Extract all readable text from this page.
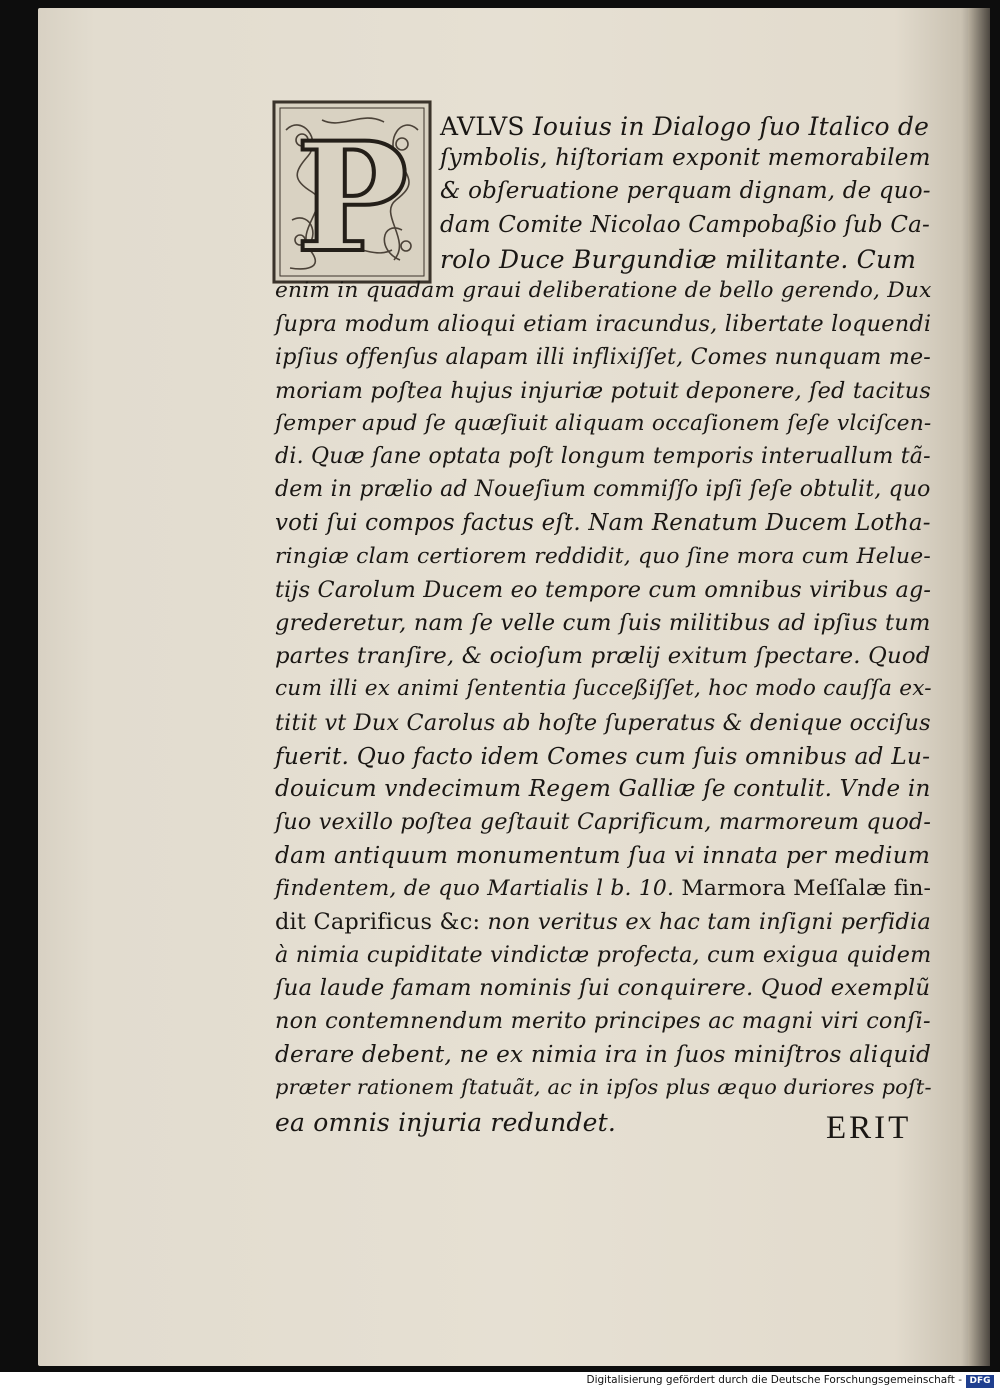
P AVLVS Iouius in Dialogo ſuo Italico de
ſymbolis, hiſtoriam exponit memorabilem
& obſeruatione perquam dignam, de quo-
dam Comite Nicolao Campobaßio ſub Ca-
rolo Duce Burgundiæ militante. Cum
enim in quadam graui deliberatione de bello gerendo, Dux
ſupra modum alioqui etiam iracundus, libertate loquendi
ipſius offenſus alapam illi inflixiſſet, Comes nunquam me-
moriam poſtea hujus injuriæ potuit deponere, ſed tacitus
ſemper apud ſe quæſiuit aliquam occaſionem ſeſe vlciſcen-
di. Quæ ſane optata poſt longum temporis interuallum tã-
dem in prælio ad Noueſium commiſſo ipſi ſeſe obtulit, quo
voti ſui compos factus eſt. Nam Renatum Ducem Lotha-
ringiæ clam certiorem reddidit, quo ſine mora cum Heluе-
tijs Carolum Ducem eo tempore cum omnibus viribus ag-
grederetur, nam ſe velle cum ſuis militibus ad ipſius tum
partes tranſire, & ocioſum prælij exitum ſpectare. Quod
cum illi ex animi ſententia ſucceßiſſet, hoc modo cauſſa ex-
titit vt Dux Carolus ab hoſte ſuperatus & denique occiſus
fuerit. Quo facto idem Comes cum ſuis omnibus ad Lu-
douicum vndecimum Regem Galliæ ſe contulit. Vnde in
ſuo vexillo poſtea geſtauit Caprificum, marmoreum quod-
dam antiquum monumentum ſua vi innata per medium
findentem, de quo Martialis l b. 10. Marmora Meſſalæ fin-
dit Caprificus &c: non veritus ex hac tam inſigni perfidia
à nimia cupiditate vindictæ profecta, cum exigua quidem
ſua laude famam nominis ſui conquirere. Quod exemplũ
non contemnendum merito principes ac magni viri conſi-
derare debent, ne ex nimia ira in ſuos miniſtros aliquid
præter rationem ſtatuãt, ac in ipſos plus æquo duriores poſt-
ea omnis injuria redundet.	ERIT
Digitalisierung gefördert durch die Deutsche Forschungsgemeinschaft - DFG
